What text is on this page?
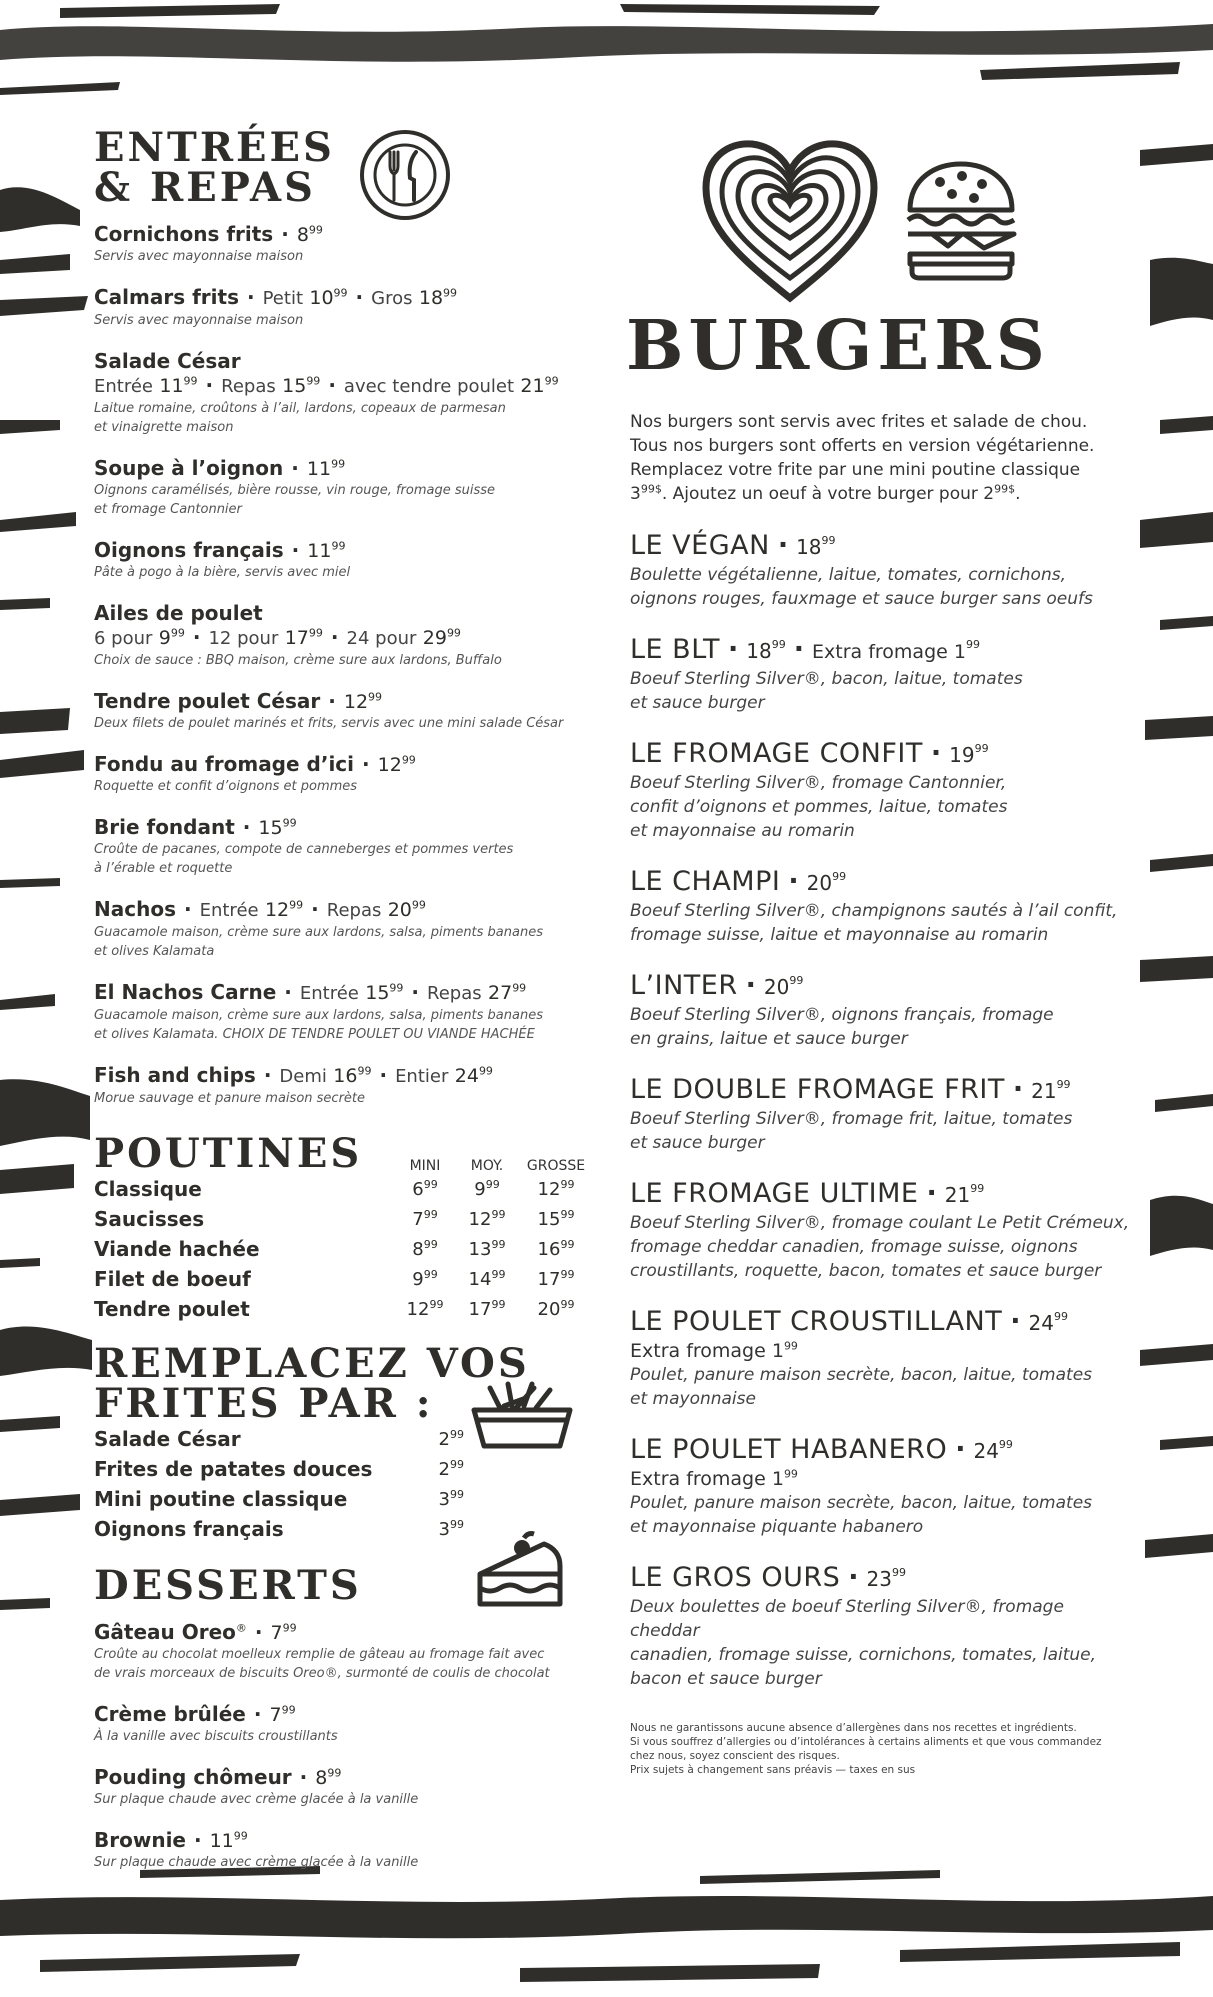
ENTRÉES
& REPAS
Cornichons frits · $8^{99}$
Servis avec mayonnaise maison
Calmars frits · Petit $10^{99}$ · Gros $18^{99}$
Servis avec mayonnaise maison
Salade César
Entrée $11^{99}$ · Repas $15^{99}$ · avec tendre poulet $21^{99}$
Laitue romaine, croûtons à l’ail, lardons, copeaux de parmesan
et vinaigrette maison
Soupe à l’oignon · $11^{99}$
Oignons caramélisés, bière rousse, vin rouge, fromage suisse
et fromage Cantonnier
Oignons français · $11^{99}$
Pâte à pogo à la bière, servis avec miel
Ailes de poulet
6 pour $9^{99} \cdot 12$ pour $17^{99} \cdot 24$ pour $29^{99}$
Choix de sauce : BBQ maison, crème sure aux lardons, Buffalo
Tendre poulet César · $12^{99}$
Deux filets de poulet marinés et frits, servis avec une mini salade César
Fondu au fromage d’ici · $12^{99}$
Roquette et confit d’oignons et pommes
Brie fondant · $15^{99}$
Croûte de pacanes, compote de canneberges et pommes vertes
à l’érable et roquette
Nachos · Entrée $12^{99}$ · Repas $20^{99}$
Guacamole maison, crème sure aux lardons, salsa, piments bananes
et olives Kalamata
El Nachos Carne · Entrée $15^{99}$ · Repas $27^{99}$
Guacamole maison, crème sure aux lardons, salsa, piments bananes
et olives Kalamata. CHOIX DE TENDRE POULET OU VIANDE HACHÉE
Fish and chips · Demi $16^{99}$ · Entier $24^{99}$
Morue sauvage et panure maison secrète
POUTINES	MINI	MOY.	GROSSE
Classique	$6^{99}$	$9^{99}$	$12^{99}$
Saucisses	$7^{99}$	$12^{99}$	$15^{99}$
Viande hachée	$8^{99}$	$13^{99}$	$16^{99}$
Filet de boeuf	$9^{99}$	$14^{99}$	$17^{99}$
Tendre poulet	$12^{99}$	$17^{99}$	$20^{99}$
REMPLACEZ VOS
FRITES PAR :
Salade César	$2^{99}$
Frites de patates douces	$2^{99}$
Mini poutine classique	$3^{99}$
Oignons français	$3^{99}$
DESSERTS
Gâteau Oreo® · $7^{99}$
Croûte au chocolat moelleux remplie de gâteau au fromage fait avec
de vrais morceaux de biscuits Oreo®, surmonté de coulis de chocolat
Crème brûlée · $7^{99}$
À la vanille avec biscuits croustillants
Pouding chômeur · $8^{99}$
Sur plaque chaude avec crème glacée à la vanille
Brownie · $11^{99}$
Sur plaque chaude avec crème glacée à la vanille
BURGERS
Nos burgers sont servis avec frites et salade de chou.
Tous nos burgers sont offerts en version végétarienne.
Remplacez votre frite par une mini poutine classique
$3^{99\$}$. Ajoutez un oeuf à votre burger pour $2^{99\$}$.
LE VÉGAN · $18^{99}$
Boulette végétalienne, laitue, tomates, cornichons,
oignons rouges, fauxmage et sauce burger sans oeufs
LE BLT · $18^{99}$ · Extra fromage $1^{99}$
Boeuf Sterling Silver®, bacon, laitue, tomates
et sauce burger
LE FROMAGE CONFIT · $19^{99}$
Boeuf Sterling Silver®, fromage Cantonnier,
confit d’oignons et pommes, laitue, tomates
et mayonnaise au romarin
LE CHAMPI · $20^{99}$
Boeuf Sterling Silver®, champignons sautés à l’ail confit,
fromage suisse, laitue et mayonnaise au romarin
L’INTER · $20^{99}$
Boeuf Sterling Silver®, oignons français, fromage
en grains, laitue et sauce burger
LE DOUBLE FROMAGE FRIT · $21^{99}$
Boeuf Sterling Silver®, fromage frit, laitue, tomates
et sauce burger
LE FROMAGE ULTIME · $21^{99}$
Boeuf Sterling Silver®, fromage coulant Le Petit Crémeux,
fromage cheddar canadien, fromage suisse, oignons
croustillants, roquette, bacon, tomates et sauce burger
LE POULET CROUSTILLANT · $24^{99}$
Extra fromage $1^{99}$
Poulet, panure maison secrète, bacon, laitue, tomates
et mayonnaise
LE POULET HABANERO · $24^{99}$
Extra fromage $1^{99}$
Poulet, panure maison secrète, bacon, laitue, tomates
et mayonnaise piquante habanero
LE GROS OURS · $23^{99}$
Deux boulettes de boeuf Sterling Silver®, fromage cheddar
canadien, fromage suisse, cornichons, tomates, laitue,
bacon et sauce burger
Nous ne garantissons aucune absence d’allergènes dans nos recettes et ingrédients.
Si vous souffrez d’allergies ou d’intolérances à certains aliments et que vous commandez
chez nous, soyez conscient des risques.
Prix sujets à changement sans préavis — taxes en sus
